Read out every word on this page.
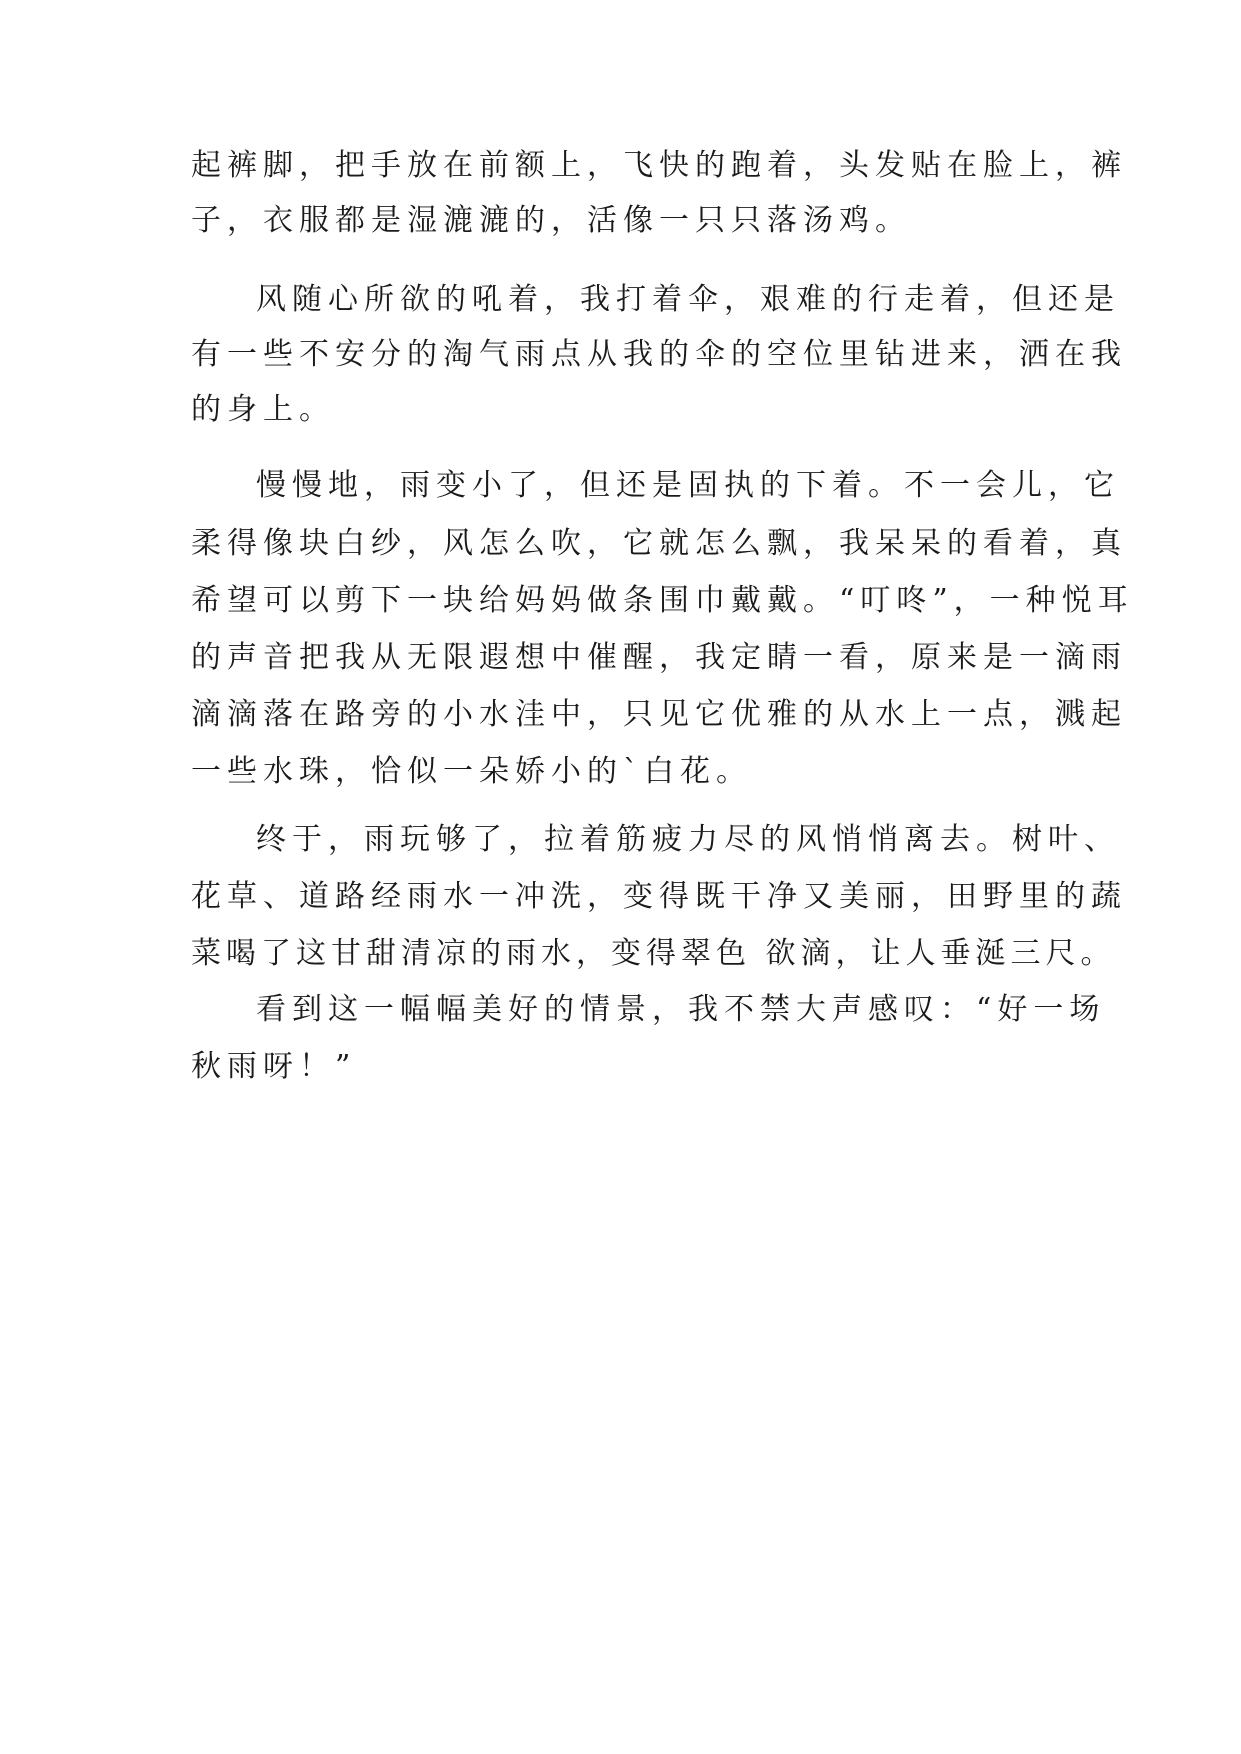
起裤脚，把手放在前额上，飞快的跑着，头发贴在脸上，裤
子，衣服都是湿漉漉的，活像一只只落汤鸡。
风随心所欲的吼着，我打着伞，艰难的行走着，但还是
有一些不安分的淘气雨点从我的伞的空位里钻进来，洒在我
的身上。
慢慢地，雨变小了，但还是固执的下着。不一会儿，它
柔得像块白纱，风怎么吹，它就怎么飘，我呆呆的看着，真
希望可以剪下一块给妈妈做条围巾戴戴。“叮咚”，一种悦耳
的声音把我从无限遐想中催醒，我定睛一看，原来是一滴雨
滴滴落在路旁的小水洼中，只见它优雅的从水上一点，溅起
一些水珠，恰似一朵娇小的`白花。
终于，雨玩够了，拉着筋疲力尽的风悄悄离去。树叶、
花草、道路经雨水一冲洗，变得既干净又美丽，田野里的蔬
菜喝了这甘甜清凉的雨水，变得翠色 欲滴，让人垂涎三尺。
看到这一幅幅美好的情景，我不禁大声感叹：“好一场
秋雨呀！”
